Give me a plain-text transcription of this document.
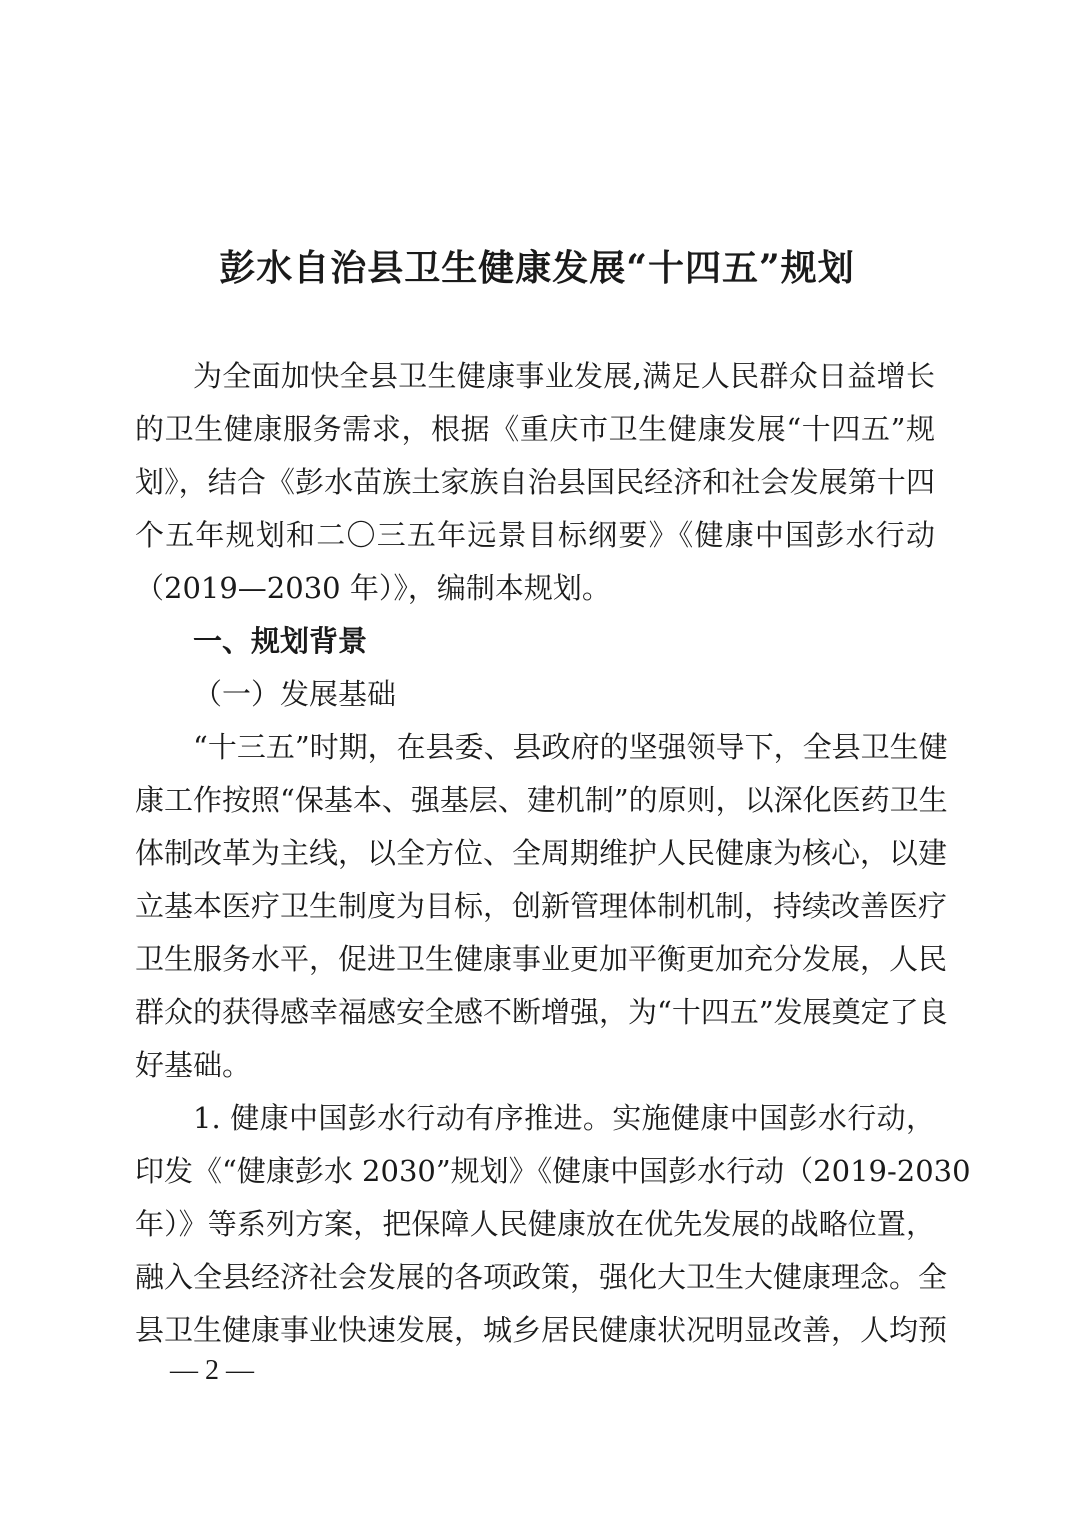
彭水自治县卫生健康发展“十四五”规划
为全面加快全县卫生健康事业发展,满足人民群众日益增长
的卫生健康服务需求，根据《重庆市卫生健康发展“十四五”规
划》，结合《彭水苗族土家族自治县国民经济和社会发展第十四
个五年规划和二〇三五年远景目标纲要》《健康中国彭水行动
（2019—2030 年）》，编制本规划。
一、规划背景
（一）发展基础
“十三五”时期，在县委、县政府的坚强领导下，全县卫生健
康工作按照“保基本、强基层、建机制”的原则，以深化医药卫生
体制改革为主线，以全方位、全周期维护人民健康为核心，以建
立基本医疗卫生制度为目标，创新管理体制机制，持续改善医疗
卫生服务水平，促进卫生健康事业更加平衡更加充分发展，人民
群众的获得感幸福感安全感不断增强，为“十四五”发展奠定了良
好基础。
1. 健康中国彭水行动有序推进。实施健康中国彭水行动，
印发《“健康彭水 2030”规划》《健康中国彭水行动（2019-2030
年）》等系列方案，把保障人民健康放在优先发展的战略位置，
融入全县经济社会发展的各项政策，强化大卫生大健康理念。全
县卫生健康事业快速发展，城乡居民健康状况明显改善，人均预
— 2 —
